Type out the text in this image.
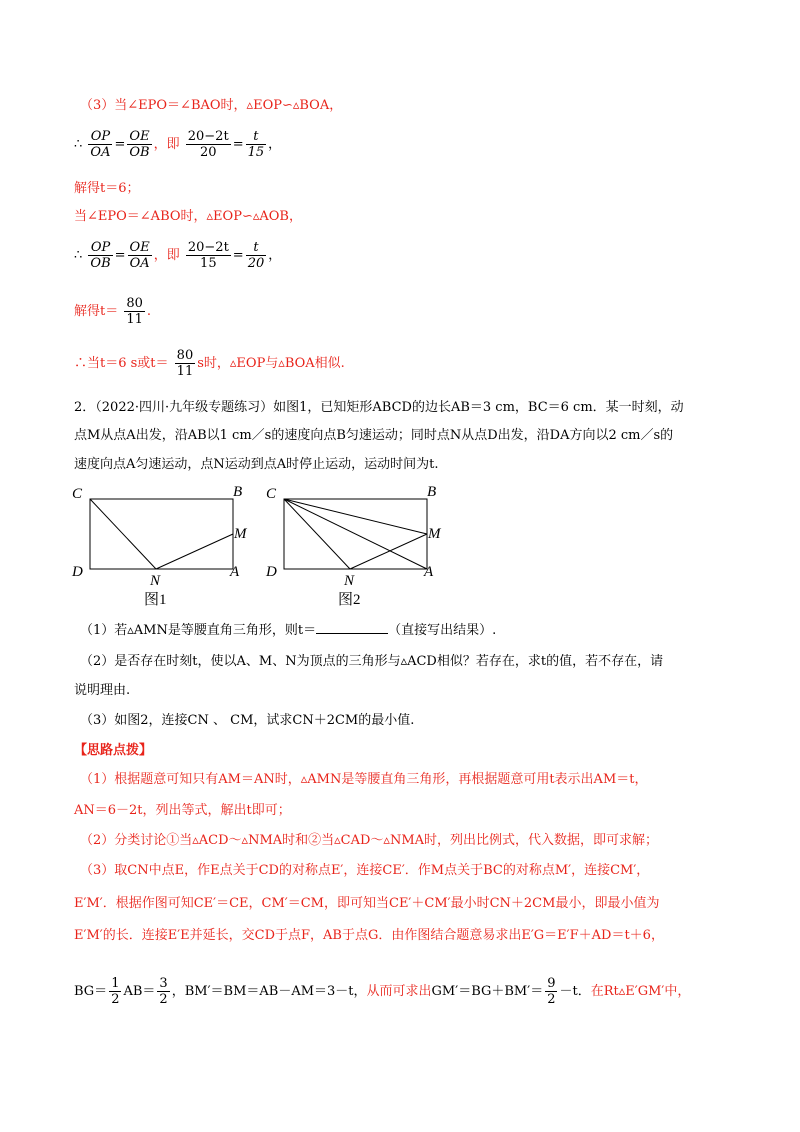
（3）当∠EPO＝∠BAO时，▵EOP∽▵BOA，
∴ $\frac{OP}{OA} = \frac{OE}{OB}$ ，即 $\frac{20-2t}{20} = \frac{t}{15}$ ，
解得t＝6；
当∠EPO＝∠ABO时，▵EOP∽▵AOB，
∴ $\frac{OP}{OB} = \frac{OE}{OA}$ ，即 $\frac{20-2t}{15} = \frac{t}{20}$ ，
解得$t= \frac{80}{11}$ .
∴当t＝6 s或$t= \frac{80}{11}$ s时，▵EOP与▵BOA相似.
2．（2022·四川·九年级专题练习）如图1，已知矩形ABCD的边长AB＝3 cm，BC＝6 cm．某一时刻，动
点M从点A出发，沿AB以1 cm／s的速度向点B匀速运动；同时点N从点D出发，沿DA方向以2 cm／s的
速度向点A匀速运动，点N运动到点A时停止运动，运动时间为t.
C	B
M
D
N
A
图1
C	B
M
D
N
A
图2
（1）若▵AMN是等腰直角三角形，则t＝	（直接写出结果）.
（2）是否存在时刻t，使以A、M、N为顶点的三角形与▵ACD相似？若存在，求t的值，若不存在，请
说明理由.
（3）如图2，连接CN 、 CM，试求CN＋2CM的最小值.
【思路点拨】
（1）根据题意可知只有AM＝AN时，▵AMN是等腰直角三角形，再根据题意可用t表示出AM＝t，
AN＝6－2t，列出等式，解出t即可；
（2）分类讨论①当▵ACD～▵NMA时和②当▵CAD～▵NMA时，列出比例式，代入数据，即可求解；
（3）取CN中点E，作E点关于CD的对称点E′，连接CE′．作M点关于BC的对称点M′，连接CM′，
E′M′．根据作图可知CE′＝CE，CM′＝CM，即可知当CE′＋CM′最小时CN＋2CM最小，即最小值为
E′M′的长．连接E′E并延长，交CD于点F，AB于点G．由作图结合题意易求出E′G＝E′F＋AD＝t＋6，
$BG= \frac{1}{2} AB= \frac{3}{2}$ ，BM′＝BM＝AB－AM＝3－t，从而可求出$GM'=BG+BM'= \frac{9}{2} -t$．在Rt▵E′GM′中，
